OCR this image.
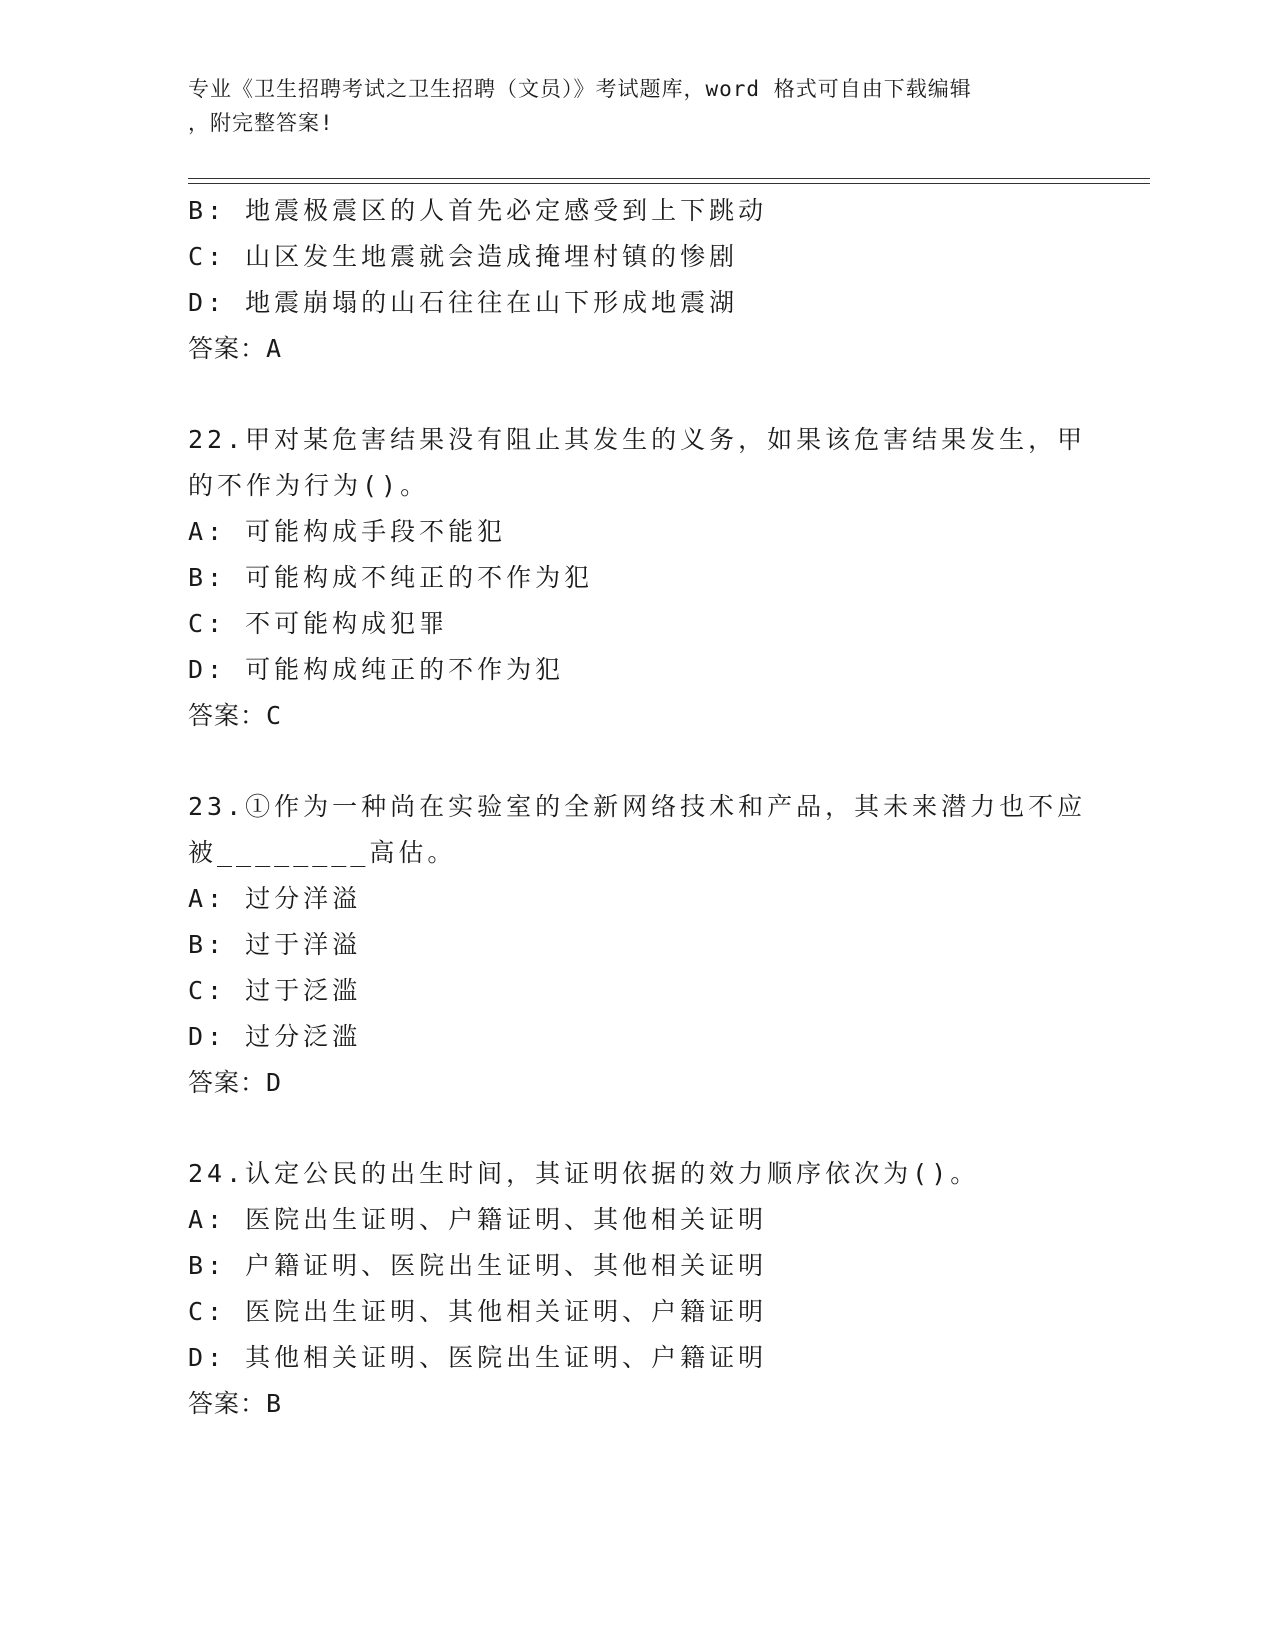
专业《卫生招聘考试之卫生招聘（文员）》考试题库，word 格式可自由下载编辑
，附完整答案!
B: 地震极震区的人首先必定感受到上下跳动
C: 山区发生地震就会造成掩埋村镇的惨剧
D: 地震崩塌的山石往往在山下形成地震湖
答案：A
22.甲对某危害结果没有阻止其发生的义务，如果该危害结果发生，甲
的不作为行为()。
A: 可能构成手段不能犯
B: 可能构成不纯正的不作为犯
C: 不可能构成犯罪
D: 可能构成纯正的不作为犯
答案：C
23.①作为一种尚在实验室的全新网络技术和产品，其未来潜力也不应
被________高估。
A: 过分洋溢
B: 过于洋溢
C: 过于泛滥
D: 过分泛滥
答案：D
24.认定公民的出生时间，其证明依据的效力顺序依次为()。
A: 医院出生证明、户籍证明、其他相关证明
B: 户籍证明、医院出生证明、其他相关证明
C: 医院出生证明、其他相关证明、户籍证明
D: 其他相关证明、医院出生证明、户籍证明
答案：B
